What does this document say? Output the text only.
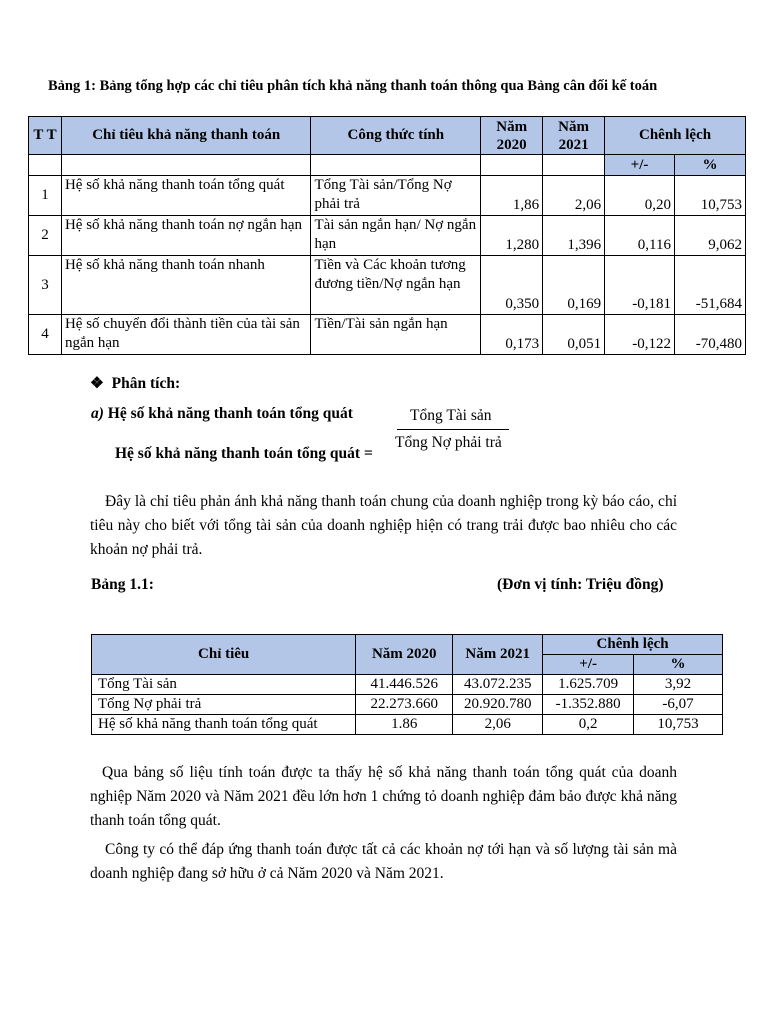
Bảng 1: Bảng tổng hợp các chỉ tiêu phân tích khả năng thanh toán thông qua Bảng cân đối kế toán
T T	Chỉ tiêu khả năng thanh toán	Công thức tính	Năm 2020	Năm 2021	Chênh lệch	
					+/-	%
1	Hệ số khả năng thanh toán tổng quát	Tổng Tài sản/Tổng Nợ phải trả	1,86	2,06	0,20	10,753
2	Hệ số khả năng thanh toán nợ ngắn hạn	Tài sản ngắn hạn/ Nợ ngắn hạn	1,280	1,396	0,116	9,062
3	Hệ số khả năng thanh toán nhanh	Tiền và Các khoản tương đương tiền/Nợ ngắn hạn	0,350	0,169	-0,181	-51,684
4	Hệ số chuyển đổi thành tiền của tài sản ngắn hạn	Tiền/Tài sản ngắn hạn	0,173	0,051	-0,122	-70,480
❖ Phân tích:
a) Hệ số khả năng thanh toán tổng quát	Tổng Tài sản
Tổng Nợ phải trả
Hệ số khả năng thanh toán tổng quát =
Đây là chỉ tiêu phản ánh khả năng thanh toán chung của doanh nghiệp trong kỳ báo cáo, chỉ tiêu này cho biết với tổng tài sản của doanh nghiệp hiện có trang trải được bao nhiêu cho các khoản nợ phải trả.
Bảng 1.1:	(Đơn vị tính: Triệu đồng)
Chỉ tiêu	Năm 2020	Năm 2021	Chênh lệch	
			+/-	%
Tổng Tài sản	41.446.526	43.072.235	1.625.709	3,92
Tổng Nợ phải trả	22.273.660	20.920.780	-1.352.880	-6,07
Hệ số khả năng thanh toán tổng quát	1.86	2,06	0,2	10,753
Qua bảng số liệu tính toán được ta thấy hệ số khả năng thanh toán tổng quát của doanh nghiệp Năm 2020 và Năm 2021 đều lớn hơn 1 chứng tỏ doanh nghiệp đảm bảo được khả năng thanh toán tổng quát.
Công ty có thể đáp ứng thanh toán được tất cả các khoản nợ tới hạn và số lượng tài sản mà doanh nghiệp đang sở hữu ở cả Năm 2020 và Năm 2021.
